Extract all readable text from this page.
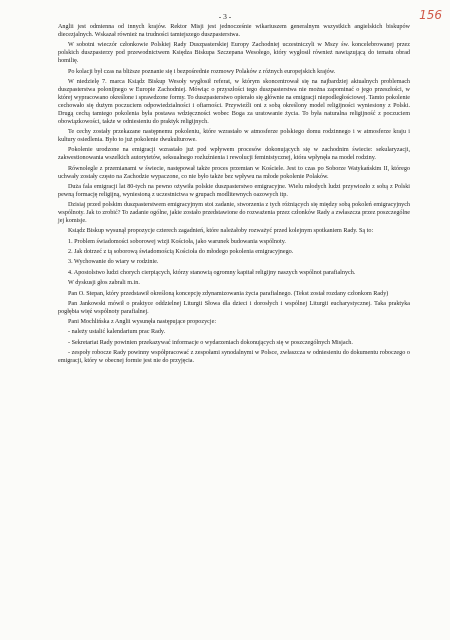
156
- 3 -

Anglii jest odmienna od innych krajów. Rektor Misji jest jednocześnie wikariuszem generalnym wszystkich angielskich biskupów diecezjalnych. Wskazał również na trudności tamtejszego duszpasterstwa.

W sobotni wieczór członkowie Polskiej Rady Duszpasterskiej Europy Zachodniej uczestniczyli w Mszy św. koncelebrowanej przez polskich duszpasterzy pod przewodnictwem Księdza Biskupa Szczepana Wesołego, który wygłosił również nawiązującą do tematu obrad homilię.

Po kolacji był czas na bliższe poznanie się i bezpośrednie rozmowy Polaków z różnych europejskich krajów.

W niedzielę 7. marca Ksiądz Biskup Wesoły wygłosił referat, w którym skoncentrował się na najbardziej aktualnych problemach duszpasterstwa polonijnego w Europie Zachodniej. Mówiąc o przyszłości tego duszpasterstwa nie można zapominać o jego przeszłości, w której wypracowano określone i sprawdzone formy. To duszpasterstwo opierało się głównie na emigracji niepodległościowej. Tamto pokolenie cechowało się dużym poczuciem odpowiedzialności i ofiarności. Przywieźli oni z sobą określony model religijności wyniesiony z Polski. Drugą cechą tamtego pokolenia była postawa wdzięczności wobec Boga za uratowanie życia. To była naturalna religijność z poczuciem obowiązkowości, także w odniesieniu do praktyk religijnych.

Te cechy zostały przekazane następnemu pokoleniu, które wzrastało w atmosferze polskiego domu rodzinnego i w atmosferze kraju i kultury osiedlenia. Było to już pokolenie dwukulturowe.

Pokolenie urodzone na emigracji wzrastało już pod wpływem procesów dokonujących się w zachodnim świecie: sekularyzacji, zakwestionowania wszelkich autorytetów, seksualnego rozluźnienia i rewolucji feministycznej, która wpłynęła na model rodziny.

Równolegle z przemianami w świecie, następował także proces przemian w Kościele. Jest to czas po Soborze Watykańskim II, którego uchwały zostały często na Zachodzie wypaczone, co nie było także bez wpływu na młode pokolenie Polaków.

Duża fala emigracji lat 80-tych na pewno ożywiła polskie duszpasterstwo emigracyjne. Wielu młodych ludzi przywiozło z sobą z Polski pewną formację religijną, wyniesioną z uczestnictwa w grupach modlitewnych oazowych itp.

Dzisiaj przed polskim duszpasterstwem emigracyjnym stoi zadanie, stworzenia z tych różniących się między sobą pokoleń emigracyjnych wspólnoty. Jak to zrobić? To zadanie ogólne, jakie zostało przedstawione do rozważenia przez członków Rady a zwłaszcza przez poszczególne jej komisje.

Ksiądz Biskup wysunął propozycje czterech zagadnień, które należałoby rozważyć przed kolejnym spotkaniem Rady. Są to:

1. Problem świadomości soborowej wizji Kościoła, jako warunek budowania wspólnoty.

2. Jak dotrzeć z tą soborową świadomością Kościoła do młodego pokolenia emigracyjnego.

3. Wychowanie do wiary w rodzinie.

4. Apostolstwo ludzi chorych cierpiących, którzy stanowią ogromny kapitał religijny naszych wspólnot parafialnych.

W dyskusji głos zabrali m.in.

Pan O. Stepan, który przedstawił określoną koncepcję zdynamizowania życia parafialnego. (Tekst został rozdany członkom Rady)

Pan Jankowski mówił o praktyce oddzielnej Liturgii Słowa dla dzieci i dorosłych i wspólnej Liturgii eucharystycznej. Taka praktyka pogłębia więź wspólnoty parafialnej.

Pani Mochlińska z Anglii wysunęła następujące propozycje:

- należy ustalić kalendarium prac Rady.

- Sekretariat Rady powinien przekazywać informacje o wydarzeniach dokonujących się w poszczególnych Misjach.

- zespoły robocze Rady powinny współpracować z zespołami synodalnymi w Polsce, zwłaszcza w odniesieniu do dokumentu roboczego o emigracji, który w obecnej formie jest nie do przyjęcia.
